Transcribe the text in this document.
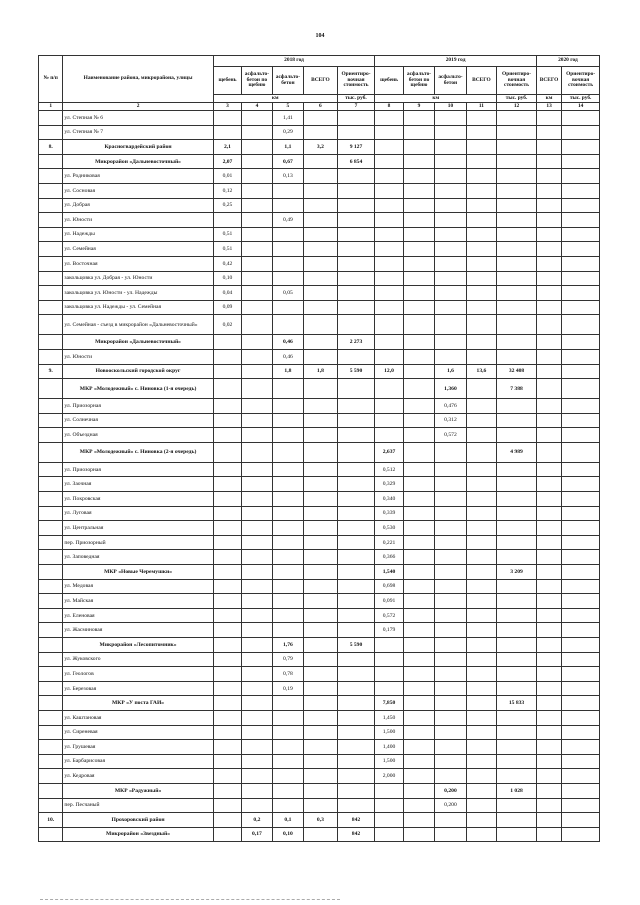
104
№ п/п	Наименование района, микрорайона, улицы	2018 год					2019 год					2020 год	
		щебень	асфальто-бетон по щебню	асфальто-бетон	ВСЕГО	Ориентиро-вочная стоимость	щебень	асфальто-бетон по щебню	асфальто-бетон	ВСЕГО	Ориентиро-вочная стоимость	ВСЕГО	Ориентиро-вочная стоимость
		км				тыс. руб.	км				тыс. руб.	км	тыс. руб.
1	2	3	4	5	6	7	8	9	10	11	12	13	14
	ул. Степная № 6			1,41									
	ул. Степная № 7			0,29									
8.	Красногвардейский район	2,1		1,1	3,2	9 127							
	Микрорайон «Дальневосточный»	2,07		0,67		6 854							
	ул. Родниковая	0,01		0,13									
	ул. Сосновая	0,12											
	ул. Добрая	0,25											
	ул. Юности			0,49									
	ул. Надежды	0,51											
	ул. Семейная	0,51											
	ул. Восточная	0,42											
	закольцовка ул. Добрая - ул. Юности	0,10											
	закольцовка ул. Юности - ул. Надежды	0,04		0,05									
	закольцовка ул. Надежды - ул. Семейная	0,09											
	ул. Семейная - съезд в микрорайон «Дальневосточный»	0,02											
	Микрорайон «Дальневосточный»			0,46		2 273							
	ул. Юности			0,46									
9.	Новооскольский городской округ			1,8	1,8	5 590	12,0		1,6	13,6	32 408		
	МКР «Молодежный» с. Ниновка (1-я очередь)								1,360		7 388		
	ул. Приозорная								0,476				
	ул. Солнечная								0,312				
	ул. Объездная								0,572				
	МКР «Молодежный» с. Ниновка (2-я очередь)						2,637				4 989		
	ул. Приозорная						0,512						
	ул. Заочная						0,329						
	ул. Покровская						0,340						
	ул. Луговая						0,339						
	ул. Центральная						0,530						
	пер. Приозорный						0,221						
	ул. Заповедная						0,366						
	МКР «Новые Черемушки»						1,540				3 209		
	ул. Медовая						0,698						
	ул. Майская						0,091						
	ул. Еленовая						0,572						
	ул. Жасминовая						0,179						
	Микрорайон «Лесопитомник»			1,76		5 590							
	ул. Жуковского			0,79									
	ул. Геологов			0,78									
	ул. Березовая			0,19									
	МКР «У поста ГАИ»						7,850				15 833		
	ул. Каштановая						1,450						
	ул. Сиреневая						1,500						
	ул. Грушевая						1,400						
	ул. Барбарисовая						1,500						
	ул. Кедровая						2,000						
	МКР «Радужный»								0,200		1 028		
	пер. Песчаный								0,200				
10.	Прохоровский район		0,2	0,1	0,3	842							
	Микрорайон «Звездный»		0,17	0,10		842							
